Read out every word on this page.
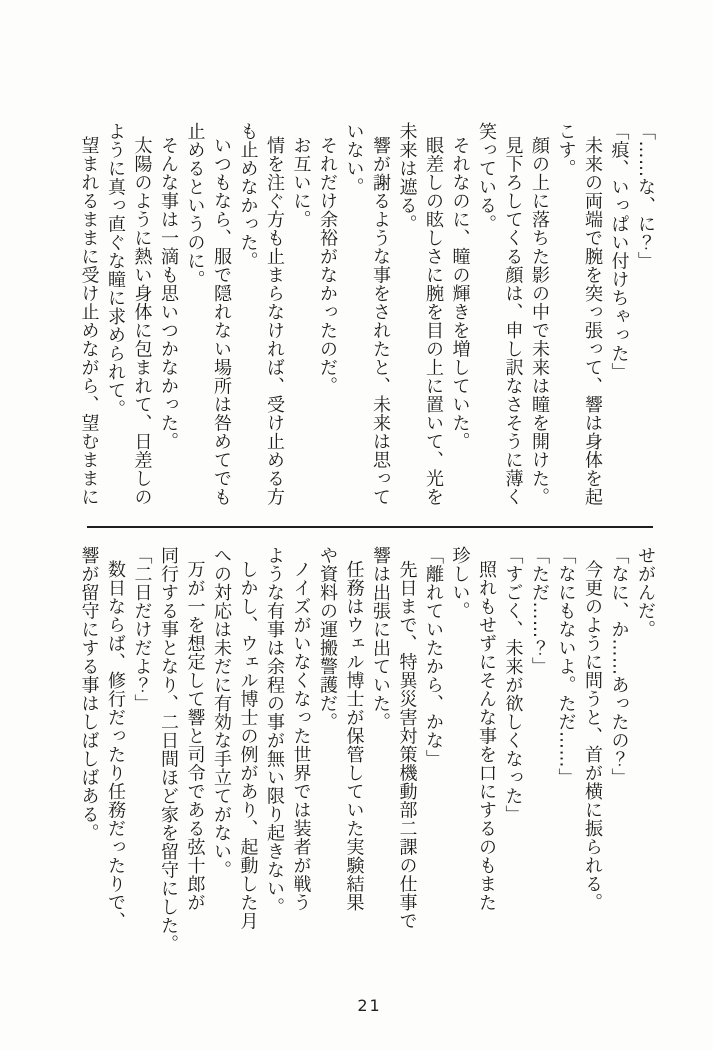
「……な、に？」

「痕、いっぱい付けちゃった」

未来の両端で腕を突っ張って、響は身体を起

こす。

顔の上に落ちた影の中で未来は瞳を開けた。

見下ろしてくる顔は、申し訳なさそうに薄く

笑っている。

それなのに、瞳の輝きを増していた。

眼差しの眩しさに腕を目の上に置いて、光を

未来は遮る。

響が謝るような事をされたと、未来は思って

いない。

それだけ余裕がなかったのだ。

お互いに。

情を注ぐ方も止まらなければ、受け止める方

も止めなかった。

いつもなら、服で隠れない場所は咎めてでも

止めるというのに。

そんな事は一滴も思いつかなかった。

太陽のように熱い身体に包まれて、日差しの

ように真っ直ぐな瞳に求められて。

望まれるままに受け止めながら、望むままに

せがんだ。

「なに、か……あったの？」

今更のように問うと、首が横に振られる。

「なにもないよ。ただ……」

「ただ……？」

「すごく、未来が欲しくなった」

照れもせずにそんな事を口にするのもまた

珍しい。

「離れていたから、かな」

先日まで、特異災害対策機動部二課の仕事で

響は出張に出ていた。

任務はウェル博士が保管していた実験結果

や資料の運搬警護だ。

ノイズがいなくなった世界では装者が戦う

ような有事は余程の事が無い限り起きない。

しかし、ウェル博士の例があり、起動した月

への対応は未だに有効な手立てがない。

万が一を想定して響と司令である弦十郎が

同行する事となり、二日間ほど家を留守にした。

「二日だけだよ？」

数日ならば、修行だったり任務だったりで、

響が留守にする事はしばしばある。

21
